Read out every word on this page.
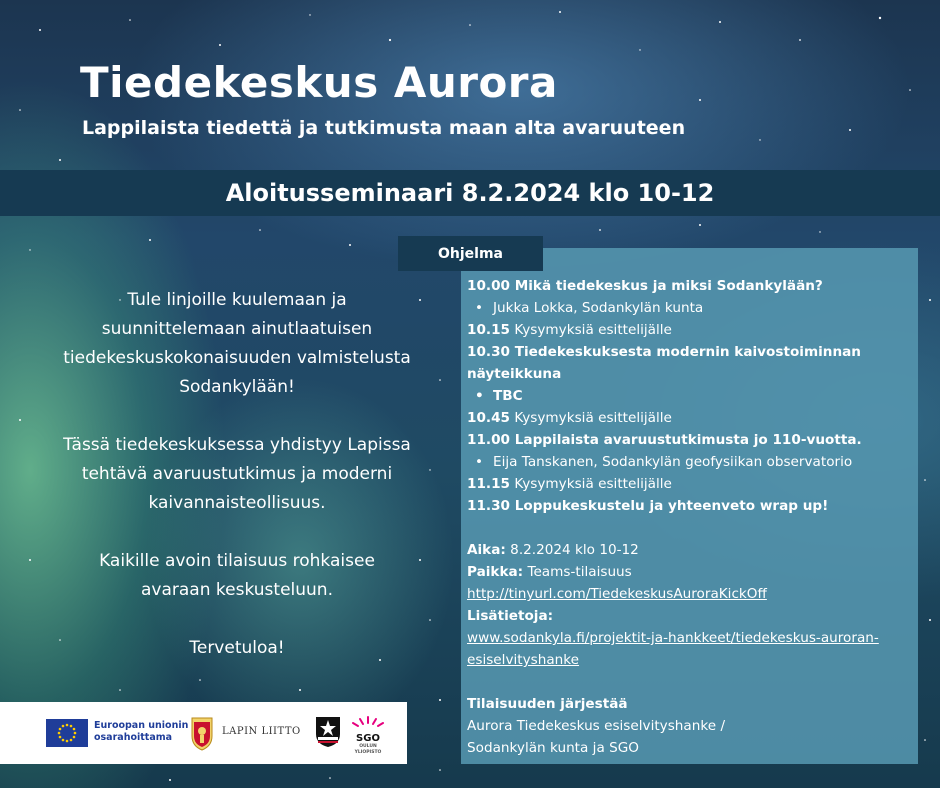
Tiedekeskus Aurora

Lappilaista tiedettä ja tutkimusta maan alta avaruuteen

Aloitusseminaari 8.2.2024 klo 10-12

Tule linjoille kuulemaan ja suunnittelemaan ainutlaatuisen tiedekeskuskokonaisuuden valmistelusta Sodankylään!

Tässä tiedekeskuksessa yhdistyy Lapissa tehtävä avaruustutkimus ja moderni kaivannaisteollisuus.

Kaikille avoin tilaisuus rohkaisee avaraan keskusteluun.

Tervetuloa!

Ohjelma
10.00 Mikä tiedekeskus ja miksi Sodankylään?
• Jukka Lokka, Sodankylän kunta
10.15 Kysymyksiä esittelijälle
10.30 Tiedekeskuksesta modernin kaivostoiminnan
näyteikkuna
• TBC
10.45 Kysymyksiä esittelijälle
11.00 Lappilaista avaruustutkimusta jo 110-vuotta.
• Eija Tanskanen, Sodankylän geofysiikan observatorio
11.15 Kysymyksiä esittelijälle
11.30 Loppukeskustelu ja yhteenveto wrap up!
Aika: 8.2.2024 klo 10-12
Paikka: Teams-tilaisuus
http://tinyurl.com/TiedekeskusAuroraKickOff
Lisätietoja:
www.sodankyla.fi/projektit-ja-hankkeet/tiedekeskus-auroran-
esiselvityshanke
Tilaisuuden järjestää
Aurora Tiedekeskus esiselvityshanke /
Sodankylän kunta ja SGO
Euroopan unionin
osarahoittama
LAPIN LIITTO
SGO
OULUN
YLIOPISTO
